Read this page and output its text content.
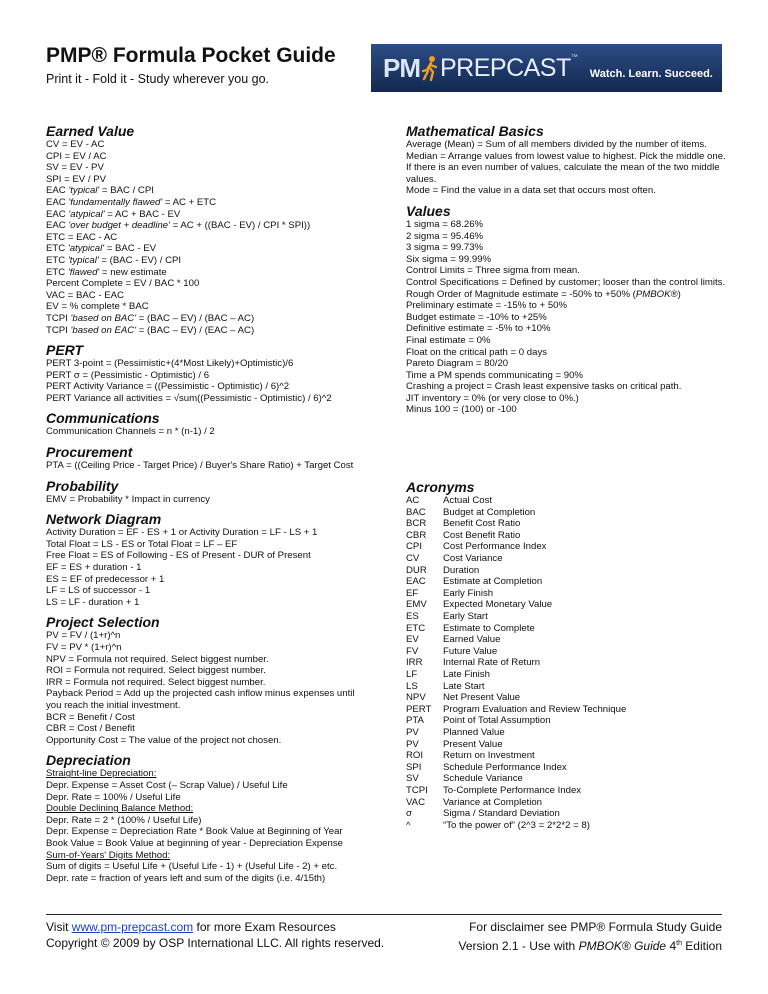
PMP® Formula Pocket Guide
Print it - Fold it - Study wherever you go.	PM PREPCAST ™
Watch. Learn. Succeed.
Earned Value
CV = EV - AC
CPI = EV / AC
SV = EV - PV
SPI = EV / PV
EAC 'typical' = BAC / CPI
EAC 'fundamentally flawed' = AC + ETC
EAC 'atypical' = AC + BAC - EV
EAC 'over budget + deadline' = AC + ((BAC - EV) / CPI * SPI))
ETC = EAC - AC
ETC 'atypical' = BAC - EV
ETC 'typical' = (BAC - EV) / CPI
ETC 'flawed' = new estimate
Percent Complete = EV / BAC * 100
VAC = BAC - EAC
EV = % complete * BAC
TCPI 'based on BAC' = (BAC – EV) / (BAC – AC)
TCPI 'based on EAC' = (BAC – EV) / (EAC – AC)
PERT
PERT 3-point = (Pessimistic+(4*Most Likely)+Optimistic)/6
PERT σ = (Pessimistic - Optimistic) / 6
PERT Activity Variance = ((Pessimistic - Optimistic) / 6)^2
PERT Variance all activities = √sum((Pessimistic - Optimistic) / 6)^2
Communications
Communication Channels = n * (n-1) / 2
Procurement
PTA = ((Ceiling Price - Target Price) / Buyer's Share Ratio) + Target Cost
Probability
EMV = Probability * Impact in currency
Network Diagram
Activity Duration = EF - ES + 1 or Activity Duration = LF - LS + 1
Total Float = LS - ES or Total Float = LF – EF
Free Float = ES of Following - ES of Present - DUR of Present
EF = ES + duration - 1
ES = EF of predecessor + 1
LF = LS of successor - 1
LS = LF - duration + 1
Project Selection
PV = FV / (1+r)^n
FV = PV * (1+r)^n
NPV = Formula not required. Select biggest number.
ROI = Formula not required. Select biggest number.
IRR = Formula not required. Select biggest number.
Payback Period = Add up the projected cash inflow minus expenses until you reach the initial investment.
BCR = Benefit / Cost
CBR = Cost / Benefit
Opportunity Cost = The value of the project not chosen.
Depreciation
Straight-line Depreciation:
Depr. Expense = Asset Cost (– Scrap Value) / Useful Life
Depr. Rate = 100% / Useful Life
Double Declining Balance Method:
Depr. Rate = 2 * (100% / Useful Life)
Depr. Expense = Depreciation Rate * Book Value at Beginning of Year
Book Value = Book Value at beginning of year - Depreciation Expense
Sum-of-Years' Digits Method:
Sum of digits = Useful Life + (Useful Life - 1) + (Useful Life - 2) + etc.
Depr. rate = fraction of years left and sum of the digits (i.e. 4/15th)
Mathematical Basics
Average (Mean) = Sum of all members divided by the number of items.
Median = Arrange values from lowest value to highest. Pick the middle one. If there is an even number of values, calculate the mean of the two middle values.
Mode = Find the value in a data set that occurs most often.
Values
1 sigma = 68.26%
2 sigma = 95.46%
3 sigma = 99.73%
Six sigma = 99.99%
Control Limits = Three sigma from mean.
Control Specifications = Defined by customer; looser than the control limits.
Rough Order of Magnitude estimate = -50% to +50% (PMBOK®)
Preliminary estimate = -15% to + 50%
Budget estimate = -10% to +25%
Definitive estimate = -5% to +10%
Final estimate = 0%
Float on the critical path = 0 days
Pareto Diagram = 80/20
Time a PM spends communicating = 90%
Crashing a project = Crash least expensive tasks on critical path.
JIT inventory = 0% (or very close to 0%.)
Minus 100 = (100) or -100
Acronyms
AC	Actual Cost
BAC	Budget at Completion
BCR	Benefit Cost Ratio
CBR	Cost Benefit Ratio
CPI	Cost Performance Index
CV	Cost Variance
DUR	Duration
EAC	Estimate at Completion
EF	Early Finish
EMV	Expected Monetary Value
ES	Early Start
ETC	Estimate to Complete
EV	Earned Value
FV	Future Value
IRR	Internal Rate of Return
LF	Late Finish
LS	Late Start
NPV	Net Present Value
PERT	Program Evaluation and Review Technique
PTA	Point of Total Assumption
PV	Planned Value
PV	Present Value
ROI	Return on Investment
SPI	Schedule Performance Index
SV	Schedule Variance
TCPI	To-Complete Performance Index
VAC	Variance at Completion
σ	Sigma / Standard Deviation
^	“To the power of” (2^3 = 2*2*2 = 8)
Visit www.pm-prepcast.com for more Exam Resources
Copyright © 2009 by OSP International LLC. All rights reserved.
For disclaimer see PMP® Formula Study Guide
Version 2.1 - Use with PMBOK® Guide 4th Edition
